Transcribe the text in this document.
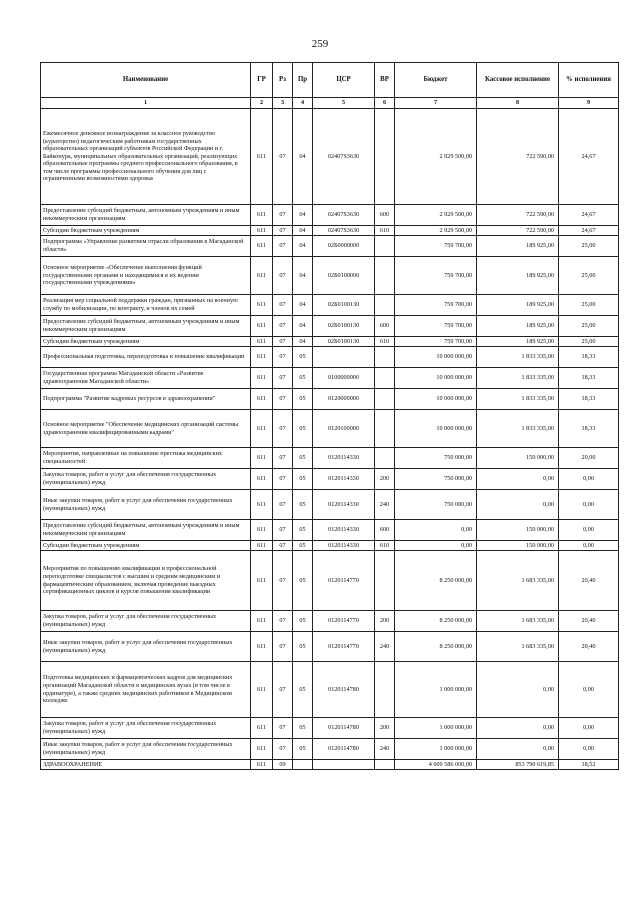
259
Наименование	ГР	Рз	Пр	ЦСР	ВР	Бюджет	Кассовое исполнение	% исполнения
1	2	3	4	5	6	7	8	9
Ежемесячное денежное вознаграждение за классное руководство (кураторство) педагогическим работникам государственных образовательных организаций субъектов Российской Федерации и г. Байконура, муниципальных образовательных организаций, реализующих образовательные программы среднего профессионального образования, в том числе программы профессионального обучения для лиц с ограниченными возможностями здоровья	611	07	04	02407S3630		2 929 500,00	722 590,00	24,67
Предоставление субсидий бюджетным, автономным учреждениям и иным некоммерческим организациям	611	07	04	02407S3630	600	2 929 500,00	722 590,00	24,67
Субсидии бюджетным учреждениям	611	07	04	02407S3630	610	2 929 500,00	722 590,00	24,67
Подпрограмма «Управление развитием отрасли образования в Магаданской области»	611	07	04	02Б0000000		759 700,00	189 925,00	25,00
Основное мероприятие «Обеспечение выполнения функций государственными органами и находящимися в их ведении государственными учреждениями»	611	07	04	02Б0100000		759 700,00	189 925,00	25,00
Реализация мер социальной поддержки граждан, призванных на военную службу по мобилизации, по контракту, и членов их семей	611	07	04	02Б0100130		759 700,00	189 925,00	25,00
Предоставление субсидий бюджетным, автономным учреждениям и иным некоммерческим организациям	611	07	04	02Б0100130	600	759 700,00	189 925,00	25,00
Субсидии бюджетным учреждениям	611	07	04	02Б0100130	610	759 700,00	189 925,00	25,00
Профессиональная подготовка, переподготовка и повышение квалификации	611	07	05			10 000 000,00	1 833 335,00	18,33
Государственная программа Магаданской области «Развитие здравоохранения Магаданской области»	611	07	05	0100000000		10 000 000,00	1 833 335,00	18,33
Подпрограмма "Развитие кадровых ресурсов в здравоохранении"	611	07	05	0120000000		10 000 000,00	1 833 335,00	18,33
Основное мероприятие "Обеспечение медицинских организаций системы здравоохранения квалифицированными кадрами"	611	07	05	0120100000		10 000 000,00	1 833 335,00	18,33
Мероприятия, направленные на повышение престижа медицинских специальностей	611	07	05	0120114330		750 000,00	150 000,00	20,00
Закупка товаров, работ и услуг для обеспечения государственных (муниципальных) нужд	611	07	05	0120114330	200	750 000,00	0,00	0,00
Иные закупки товаров, работ и услуг для обеспечения государственных (муниципальных) нужд	611	07	05	0120114330	240	750 000,00	0,00	0,00
Предоставление субсидий бюджетным, автономным учреждениям и иным некоммерческим организациям	611	07	05	0120114330	600	0,00	150 000,00	0,00
Субсидии бюджетным учреждениям	611	07	05	0120114330	610	0,00	150 000,00	0,00
Мероприятия по повышению квалификации и профессиональной переподготовке специалистов с высшим и средним медицинским и фармацевтическим образованием, включая проведение выездных сертификационных циклов и курсов повышения квалификации	611	07	05	0120114770		8 250 000,00	1 683 335,00	20,40
Закупка товаров, работ и услуг для обеспечения государственных (муниципальных) нужд	611	07	05	0120114770	200	8 250 000,00	1 683 335,00	20,40
Иные закупки товаров, работ и услуг для обеспечения государственных (муниципальных) нужд	611	07	05	0120114770	240	8 250 000,00	1 683 335,00	20,40
Подготовка медицинских и фармацевтических кадров для медицинских организаций Магаданской области в медицинских вузах (в том числе в ординатуре), а также средних медицинских работников в Медицинском колледже	611	07	05	0120114780		1 000 000,00	0,00	0,00
Закупка товаров, работ и услуг для обеспечения государственных (муниципальных) нужд	611	07	05	0120114780	200	1 000 000,00	0,00	0,00
Иные закупки товаров, работ и услуг для обеспечения государственных (муниципальных) нужд	611	07	05	0120114780	240	1 000 000,00	0,00	0,00
ЗДРАВООХРАНЕНИЕ	611	09				4 609 586 000,00	853 790 619,85	18,52
